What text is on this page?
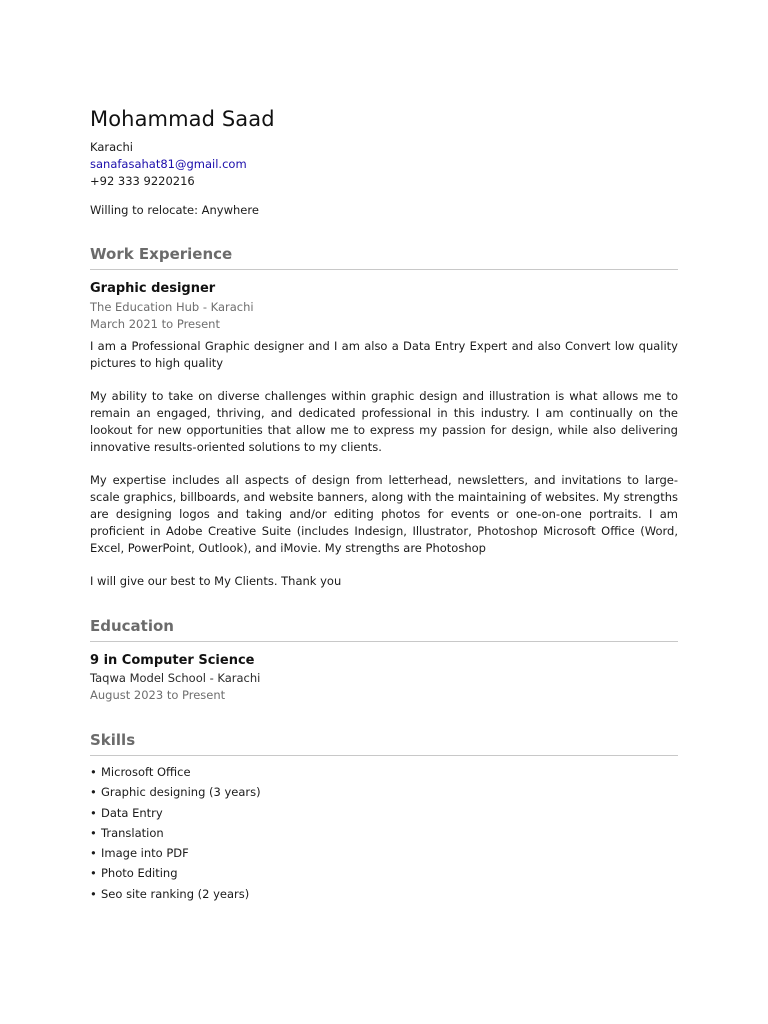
Mohammad Saad

Karachi

sanafasahat81@gmail.com

+92 333 9220216

Willing to relocate: Anywhere

Work Experience
Graphic designer

The Education Hub - Karachi

March 2021 to Present

I am a Professional Graphic designer and I am also a Data Entry Expert and also Convert low quality pictures to high quality

My ability to take on diverse challenges within graphic design and illustration is what allows me to remain an engaged, thriving, and dedicated professional in this industry. I am continually on the lookout for new opportunities that allow me to express my passion for design, while also delivering innovative results-oriented solutions to my clients.

My expertise includes all aspects of design from letterhead, newsletters, and invitations to large-scale graphics, billboards, and website banners, along with the maintaining of websites. My strengths are designing logos and taking and/or editing photos for events or one-on-one portraits. I am proficient in Adobe Creative Suite (includes Indesign, Illustrator, Photoshop Microsoft Office (Word, Excel, PowerPoint, Outlook), and iMovie. My strengths are Photoshop

I will give our best to My Clients. Thank you

Education
9 in Computer Science

Taqwa Model School - Karachi

August 2023 to Present

Skills
• Microsoft Office
• Graphic designing (3 years)
• Data Entry
• Translation
• Image into PDF
• Photo Editing
• Seo site ranking (2 years)
